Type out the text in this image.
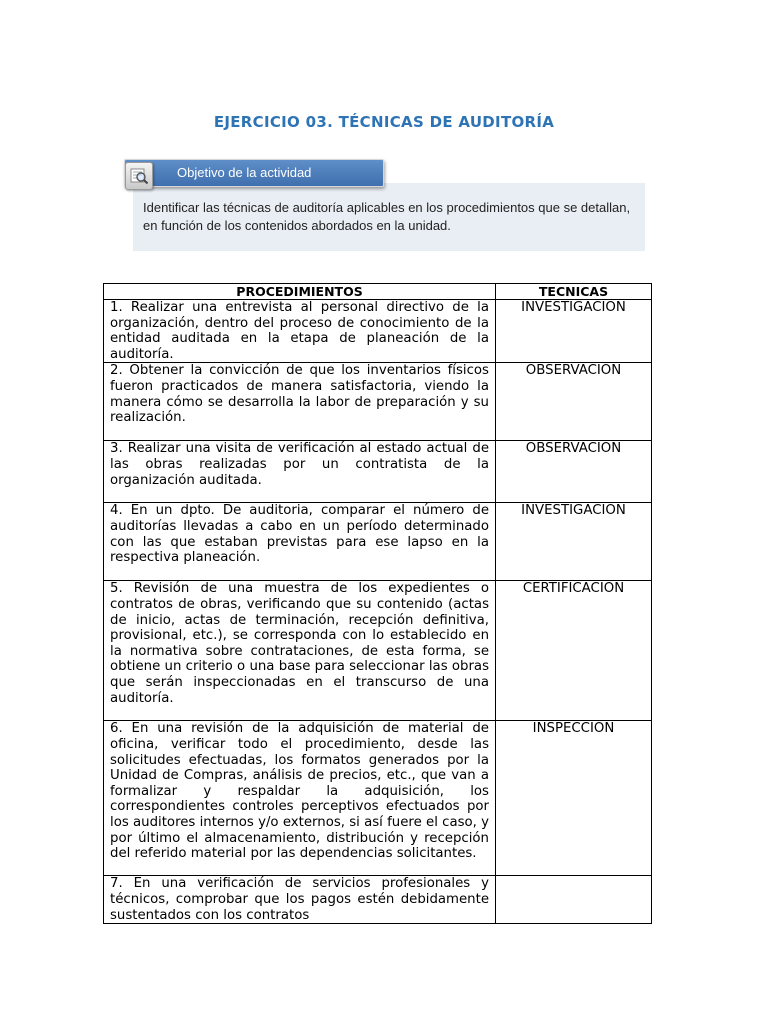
EJERCICIO 03. TÉCNICAS DE AUDITORÍA
Objetivo de la actividad
Identificar las técnicas de auditoría aplicables en los procedimientos que se detallan, en función de los contenidos abordados en la unidad.
PROCEDIMIENTOS	TECNICAS
1. Realizar una entrevista al personal directivo de la organización, dentro del proceso de conocimiento de la entidad auditada en la etapa de planeación de la auditoría.	INVESTIGACION
2. Obtener la convicción de que los inventarios físicos fueron practicados de manera satisfactoria, viendo la manera cómo se desarrolla la labor de preparación y su realización.	OBSERVACION
3. Realizar una visita de verificación al estado actual de las obras realizadas por un contratista de la organización auditada.	OBSERVACION
4. En un dpto. De auditoria, comparar el número de auditorías llevadas a cabo en un período determinado con las que estaban previstas para ese lapso en la respectiva planeación.	INVESTIGACION
5. Revisión de una muestra de los expedientes o contratos de obras, verificando que su contenido (actas de inicio, actas de terminación, recepción definitiva, provisional, etc.), se corresponda con lo establecido en la normativa sobre contrataciones, de esta forma, se obtiene un criterio o una base para seleccionar las obras que serán inspeccionadas en el transcurso de una auditoría.	CERTIFICACION
6. En una revisión de la adquisición de material de oficina, verificar todo el procedimiento, desde las solicitudes efectuadas, los formatos generados por la Unidad de Compras, análisis de precios, etc., que van a formalizar y respaldar la adquisición, los correspondientes controles perceptivos efectuados por los auditores internos y/o externos, si así fuere el caso, y por último el almacenamiento, distribución y recepción del referido material por las dependencias solicitantes.	INSPECCION
7. En una verificación de servicios profesionales y técnicos, comprobar que los pagos estén debidamente sustentados con los contratos	
